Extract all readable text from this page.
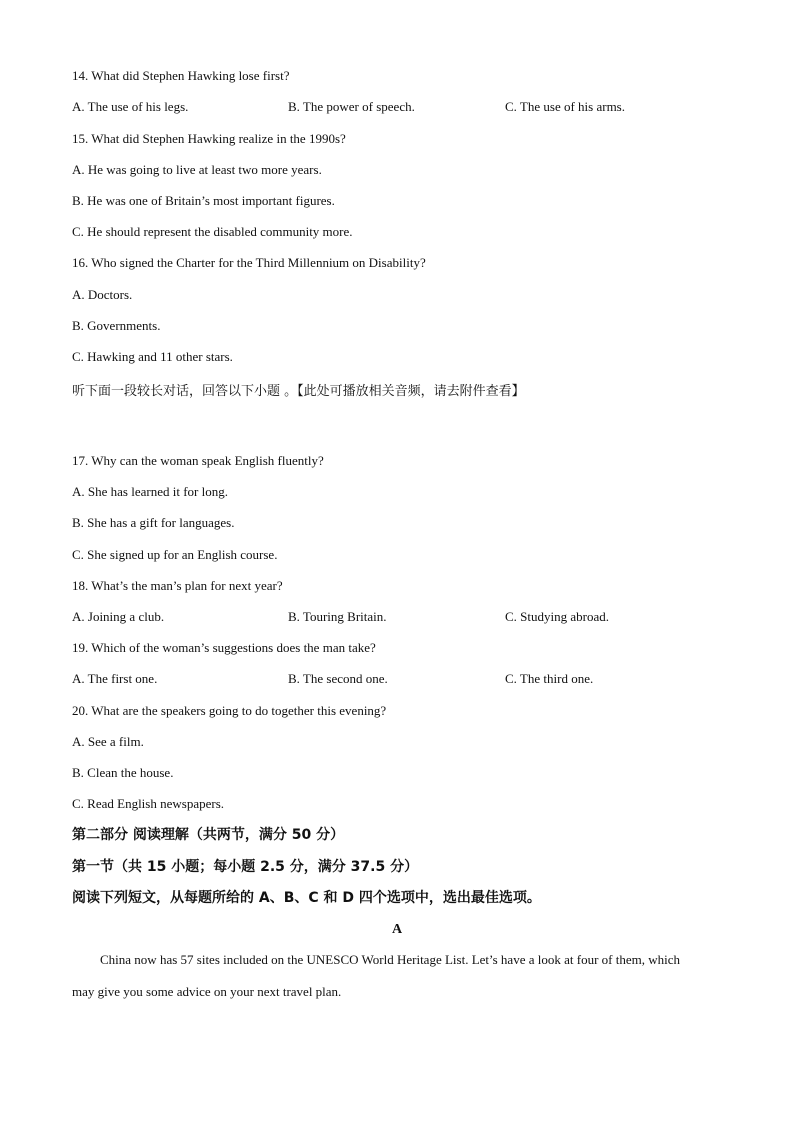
14. What did Stephen Hawking lose first?
A. The use of his legs.	B. The power of speech.	C. The use of his arms.
15. What did Stephen Hawking realize in the 1990s?
A. He was going to live at least two more years.
B. He was one of Britain’s most important figures.
C. He should represent the disabled community more.
16. Who signed the Charter for the Third Millennium on Disability?
A. Doctors.
B. Governments.
C. Hawking and 11 other stars.
听下面一段较长对话，回答以下小题 。【此处可播放相关音频，请去附件查看】
17. Why can the woman speak English fluently?
A. She has learned it for long.
B. She has a gift for languages.
C. She signed up for an English course.
18. What’s the man’s plan for next year?
A. Joining a club.	B. Touring Britain.	C. Studying abroad.
19. Which of the woman’s suggestions does the man take?
A. The first one.	B. The second one.	C. The third one.
20. What are the speakers going to do together this evening?
A. See a film.
B. Clean the house.
C. Read English newspapers.
第二部分 阅读理解（共两节，满分 50 分）
第一节（共 15 小题；每小题 2.5 分，满分 37.5 分）
阅读下列短文，从每题所给的 A、B、C 和 D 四个选项中，选出最佳选项。
A
China now has 57 sites included on the UNESCO World Heritage List. Let’s have a look at four of them, which may give you some advice on your next travel plan.
